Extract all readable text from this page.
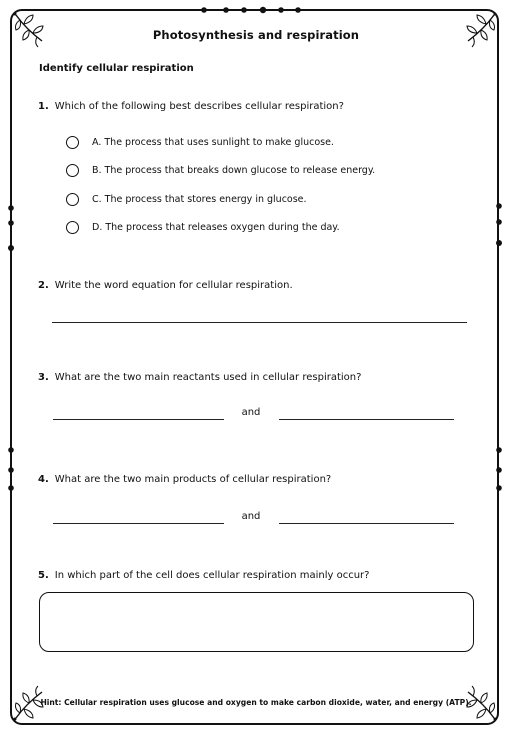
Photosynthesis and respiration
Identify cellular respiration
1. Which of the following best describes cellular respiration?
A. The process that uses sunlight to make glucose.
B. The process that breaks down glucose to release energy.
C. The process that stores energy in glucose.
D. The process that releases oxygen during the day.
2. Write the word equation for cellular respiration.
3. What are the two main reactants used in cellular respiration?
and
4. What are the two main products of cellular respiration?
and
5. In which part of the cell does cellular respiration mainly occur?
Hint: Cellular respiration uses glucose and oxygen to make carbon dioxide, water, and energy (ATP).
